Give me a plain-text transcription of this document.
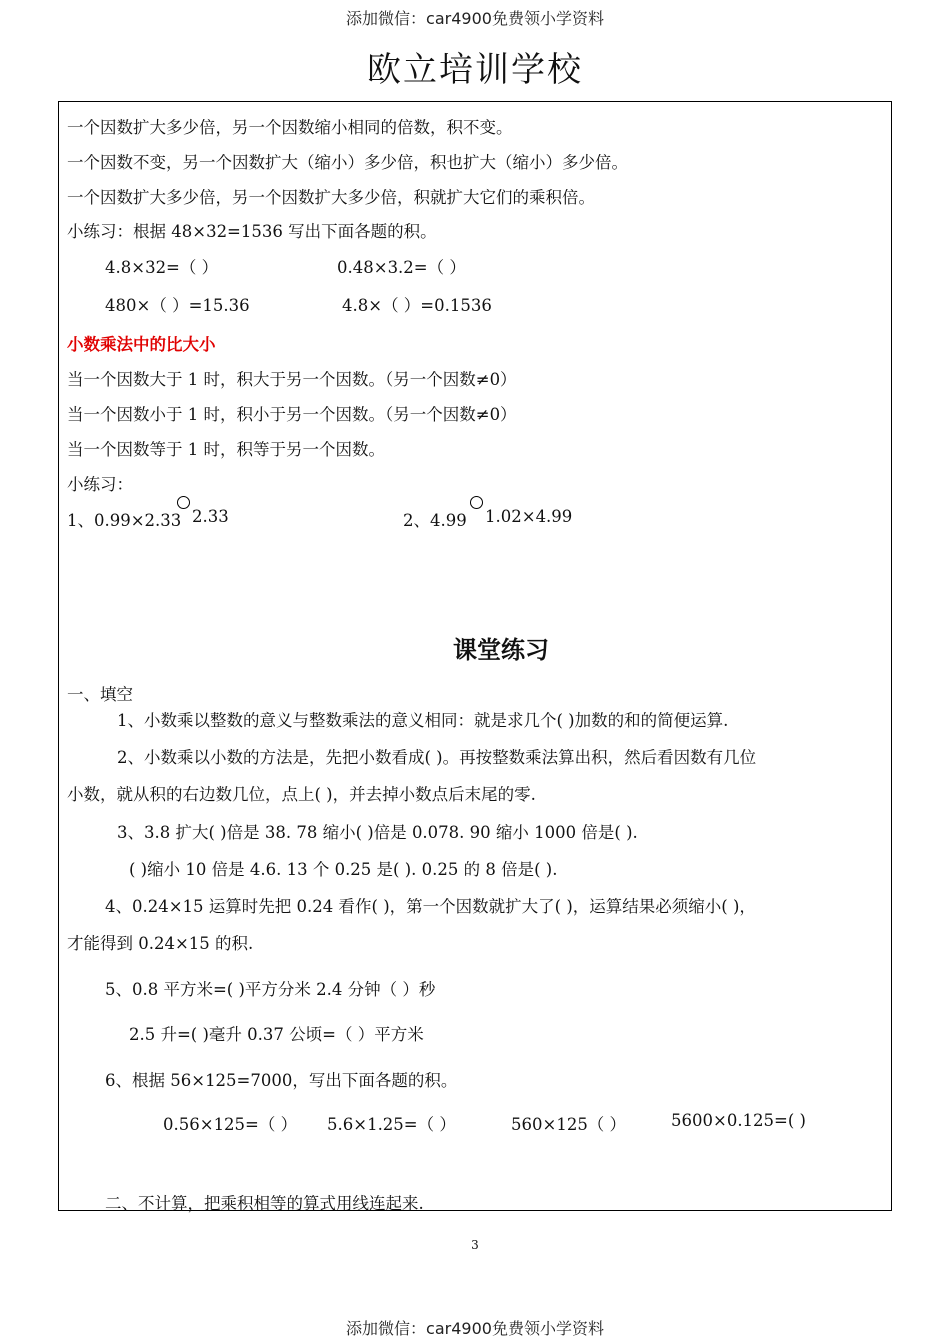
添加微信：car4900免费领小学资料
欧立培训学校
一个因数扩大多少倍，另一个因数缩小相同的倍数，积不变。
一个因数不变，另一个因数扩大（缩小）多少倍，积也扩大（缩小）多少倍。
一个因数扩大多少倍，另一个因数扩大多少倍，积就扩大它们的乘积倍。
小练习：根据 48×32=1536 写出下面各题的积。
4.8×32=（ ）	0.48×3.2=（ ）
480×（ ）=15.36	4.8×（ ）=0.1536
小数乘法中的比大小
当一个因数大于 1 时，积大于另一个因数。（另一个因数≠0）
当一个因数小于 1 时，积小于另一个因数。（另一个因数≠0）
当一个因数等于 1 时，积等于另一个因数。
小练习：
1、0.99×2.33 2.33	2、4.99 1.02×4.99
课堂练习
一、填空
1、小数乘以整数的意义与整数乘法的意义相同：就是求几个( )加数的和的简便运算.
2、小数乘以小数的方法是，先把小数看成( )。再按整数乘法算出积，然后看因数有几位
小数，就从积的右边数几位，点上( )，并去掉小数点后末尾的零.
3、3.8 扩大( )倍是 38. 78 缩小( )倍是 0.078. 90 缩小 1000 倍是( ).
( )缩小 10 倍是 4.6. 13 个 0.25 是( ). 0.25 的 8 倍是( ).
4、0.24×15 运算时先把 0.24 看作( )，第一个因数就扩大了( )，运算结果必须缩小( )，
才能得到 0.24×15 的积.
5、0.8 平方米=( )平方分米 2.4 分钟（ ）秒
2.5 升=( )毫升 0.37 公顷=（ ）平方米
6、根据 56×125=7000，写出下面各题的积。
0.56×125=（ ） 5.6×1.25=（ ）	560×125（ ）	5600×0.125=( )
二、不计算，把乘积相等的算式用线连起来.
3
添加微信：car4900免费领小学资料
